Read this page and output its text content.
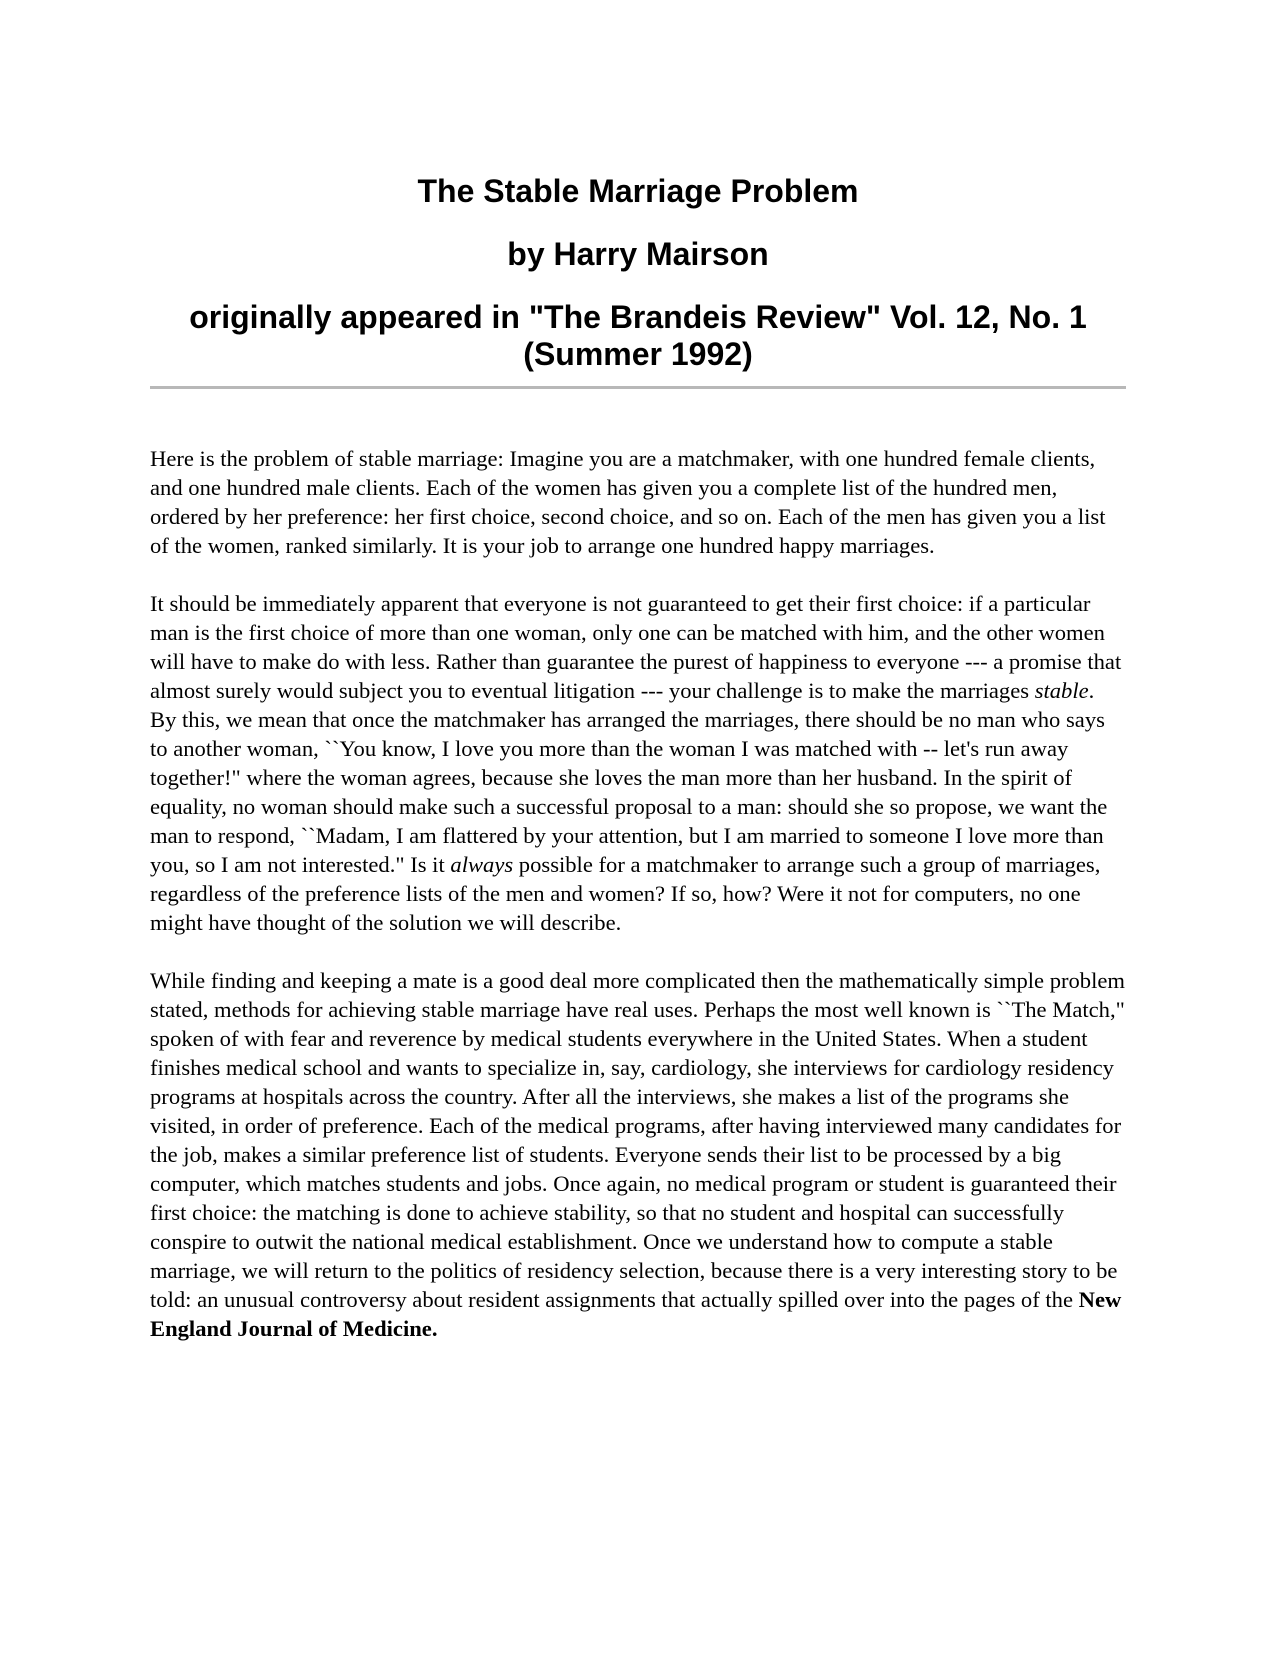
The Stable Marriage Problem
by Harry Mairson
originally appeared in "The Brandeis Review" Vol. 12, No. 1 (Summer 1992)

Here is the problem of stable marriage: Imagine you are a matchmaker, with one hundred female clients, and one hundred male clients. Each of the women has given you a complete list of the hundred men, ordered by her preference: her first choice, second choice, and so on. Each of the men has given you a list of the women, ranked similarly. It is your job to arrange one hundred happy marriages.

It should be immediately apparent that everyone is not guaranteed to get their first choice: if a particular man is the first choice of more than one woman, only one can be matched with him, and the other women will have to make do with less. Rather than guarantee the purest of happiness to everyone --- a promise that almost surely would subject you to eventual litigation --- your challenge is to make the marriages stable. By this, we mean that once the matchmaker has arranged the marriages, there should be no man who says to another woman, ``You know, I love you more than the woman I was matched with -- let's run away together!" where the woman agrees, because she loves the man more than her husband. In the spirit of equality, no woman should make such a successful proposal to a man: should she so propose, we want the man to respond, ``Madam, I am flattered by your attention, but I am married to someone I love more than you, so I am not interested." Is it always possible for a matchmaker to arrange such a group of marriages, regardless of the preference lists of the men and women? If so, how? Were it not for computers, no one might have thought of the solution we will describe.

While finding and keeping a mate is a good deal more complicated then the mathematically simple problem stated, methods for achieving stable marriage have real uses. Perhaps the most well known is ``The Match," spoken of with fear and reverence by medical students everywhere in the United States. When a student finishes medical school and wants to specialize in, say, cardiology, she interviews for cardiology residency programs at hospitals across the country. After all the interviews, she makes a list of the programs she visited, in order of preference. Each of the medical programs, after having interviewed many candidates for the job, makes a similar preference list of students. Everyone sends their list to be processed by a big computer, which matches students and jobs. Once again, no medical program or student is guaranteed their first choice: the matching is done to achieve stability, so that no student and hospital can successfully conspire to outwit the national medical establishment. Once we understand how to compute a stable marriage, we will return to the politics of residency selection, because there is a very interesting story to be told: an unusual controversy about resident assignments that actually spilled over into the pages of the New England Journal of Medicine.
